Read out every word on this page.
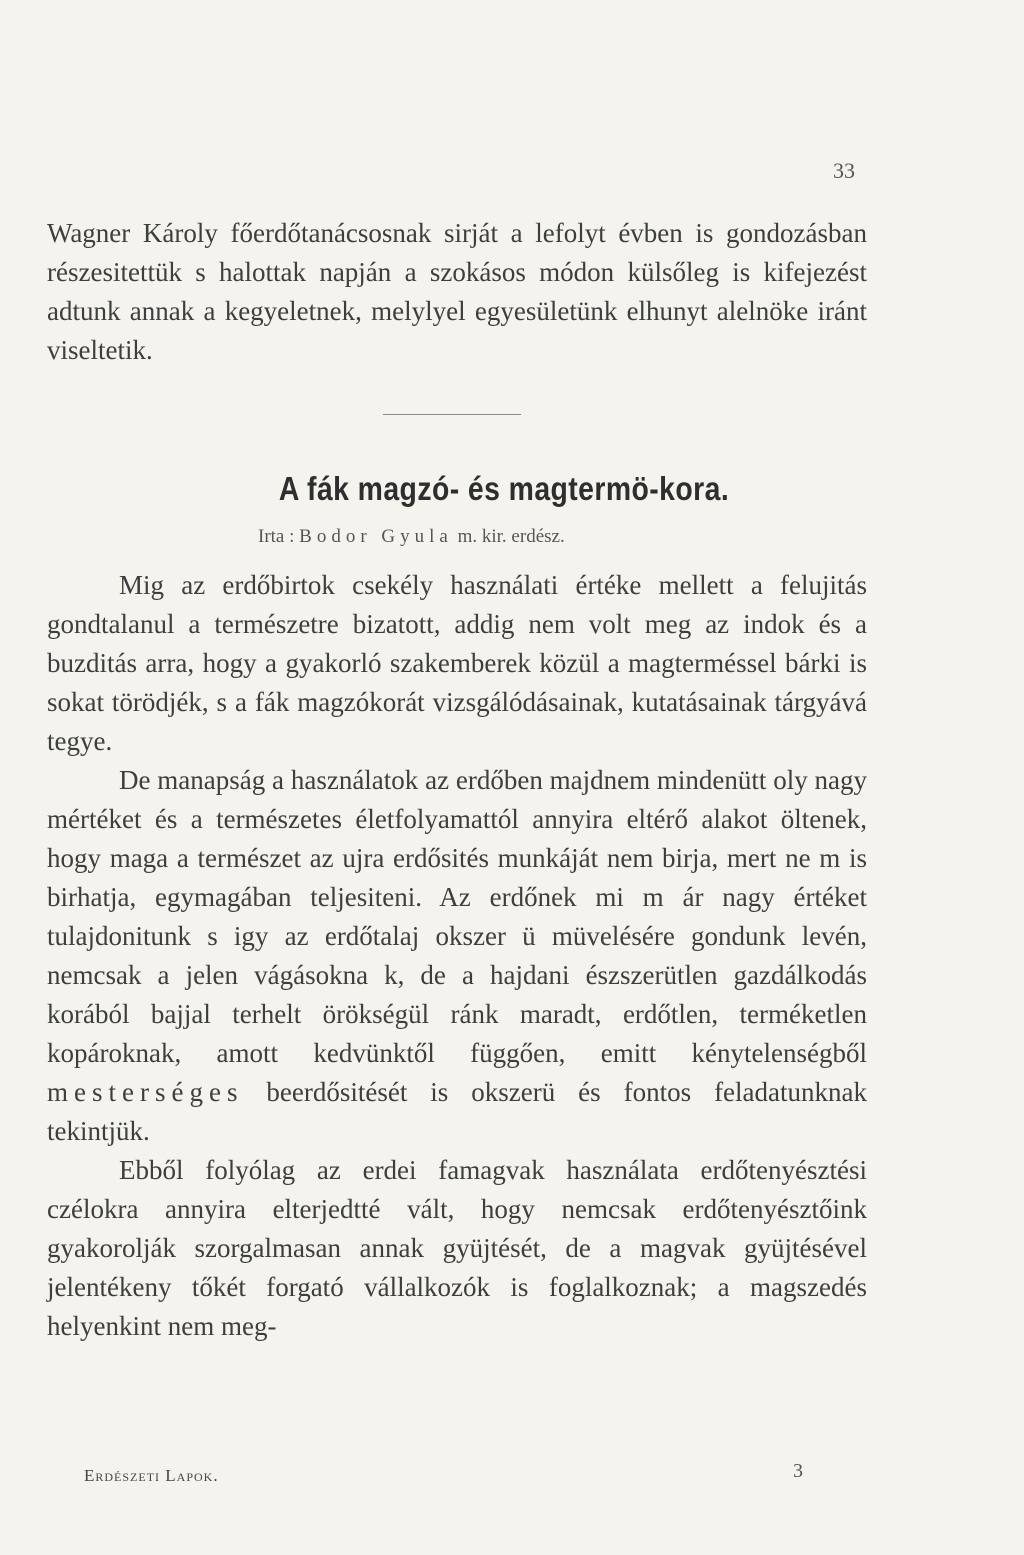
33
Wagner Károly főerdőtanácsosnak sirját a lefolyt évben is gondozásban részesitettük s halottak napján a szokásos módon külsőleg is kifejezést adtunk annak a kegyeletnek, melylyel egyesületünk elhunyt alelnöke iránt viseltetik.
A fák magzó- és magtermö-kora.
Irta : Bodor Gyula m. kir. erdész.

Mig az erdőbirtok csekély használati értéke mellett a felujitás gondtalanul a természetre bizatott, addig nem volt meg az indok és a buzditás arra, hogy a gyakorló szakemberek közül a magterméssel bárki is sokat törödjék, s a fák magzókorát vizsgálódásainak, kutatásainak tárgyává tegye.

De manapság a használatok az erdőben majdnem mindenütt oly nagy mértéket és a természetes életfolyamattól annyira eltérő alakot öltenek, hogy maga a természet az ujra erdősités munkáját nem birja, mert ne m is birhatja, egymagában teljesiteni. Az erdőnek mi m ár nagy értéket tulajdonitunk s igy az erdőtalaj okszer ü müvelésére gondunk levén, nemcsak a jelen vágásokna k, de a hajdani észszerütlen gazdálkodás korából bajjal terhelt örökségül ránk maradt, erdőtlen, terméketlen kopároknak, amott kedvünktől függően, emitt kénytelenségből mesterséges beerdősitését is okszerü és fontos feladatunknak tekintjük.

Ebből folyólag az erdei famagvak használata erdőtenyésztési czélokra annyira elterjedtté vált, hogy nemcsak erdőtenyésztőink gyakorolják szorgalmasan annak gyüjtését, de a magvak gyüjtésével jelentékeny tőkét forgató vállalkozók is foglalkoznak; a magszedés helyenkint nem meg-

Erdészeti Lapok.	3
